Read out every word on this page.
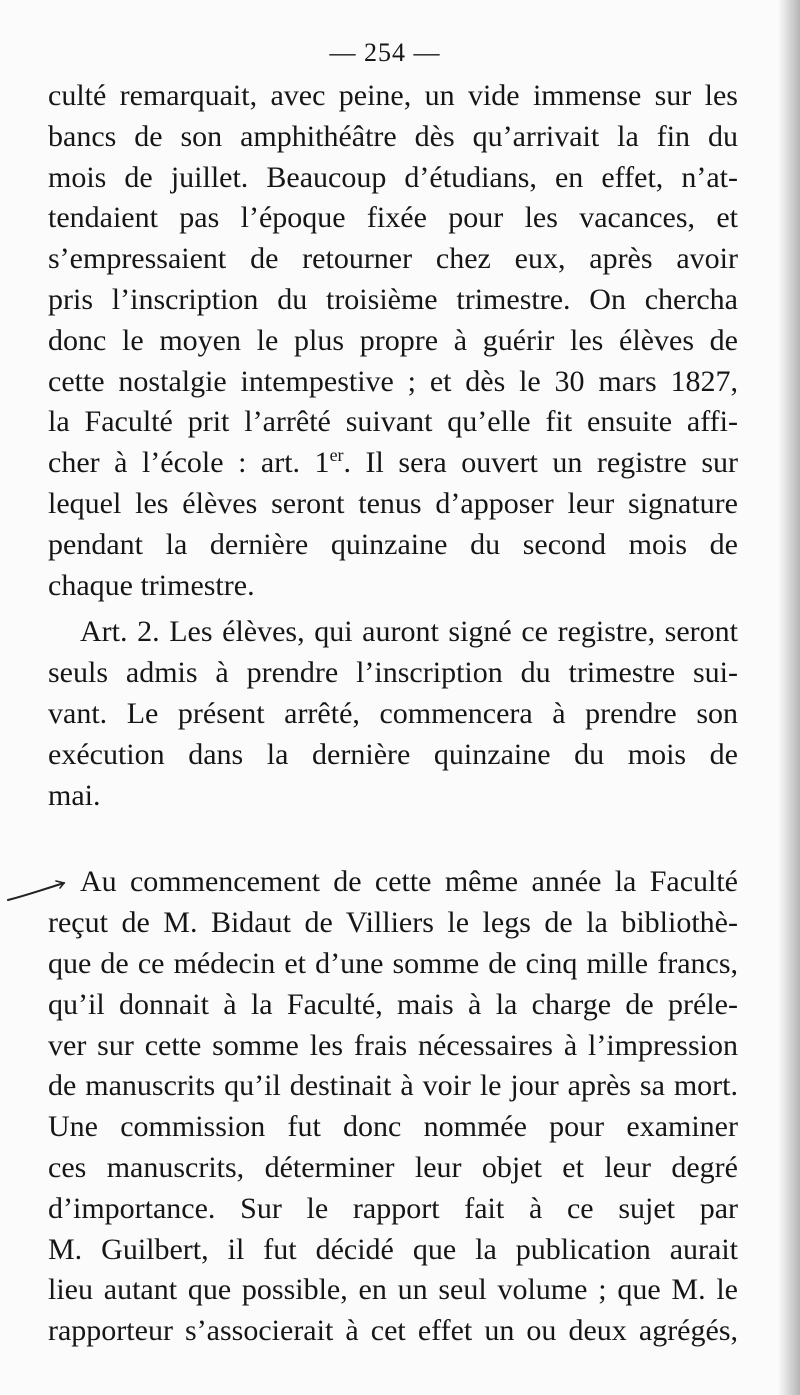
— 254 —
culté remarquait, avec peine, un vide immense sur les
bancs de son amphithéâtre dès qu’arrivait la fin du
mois de juillet. Beaucoup d’étudians, en effet, n’at-
tendaient pas l’époque fixée pour les vacances, et
s’empressaient de retourner chez eux, après avoir
pris l’inscription du troisième trimestre. On chercha
donc le moyen le plus propre à guérir les élèves de
cette nostalgie intempestive ; et dès le 30 mars 1827,
la Faculté prit l’arrêté suivant qu’elle fit ensuite affi-
cher à l’école : art. 1er. Il sera ouvert un registre sur
lequel les élèves seront tenus d’apposer leur signature
pendant la dernière quinzaine du second mois de
chaque trimestre.
Art. 2. Les élèves, qui auront signé ce registre, seront
seuls admis à prendre l’inscription du trimestre sui-
vant. Le présent arrêté, commencera à prendre son
exécution dans la dernière quinzaine du mois de
mai.
Au commencement de cette même année la Faculté
reçut de M. Bidaut de Villiers le legs de la bibliothè-
que de ce médecin et d’une somme de cinq mille francs,
qu’il donnait à la Faculté, mais à la charge de préle-
ver sur cette somme les frais nécessaires à l’impression
de manuscrits qu’il destinait à voir le jour après sa mort.
Une commission fut donc nommée pour examiner
ces manuscrits, déterminer leur objet et leur degré
d’importance. Sur le rapport fait à ce sujet par
M. Guilbert, il fut décidé que la publication aurait
lieu autant que possible, en un seul volume ; que M. le
rapporteur s’associerait à cet effet un ou deux agrégés,
